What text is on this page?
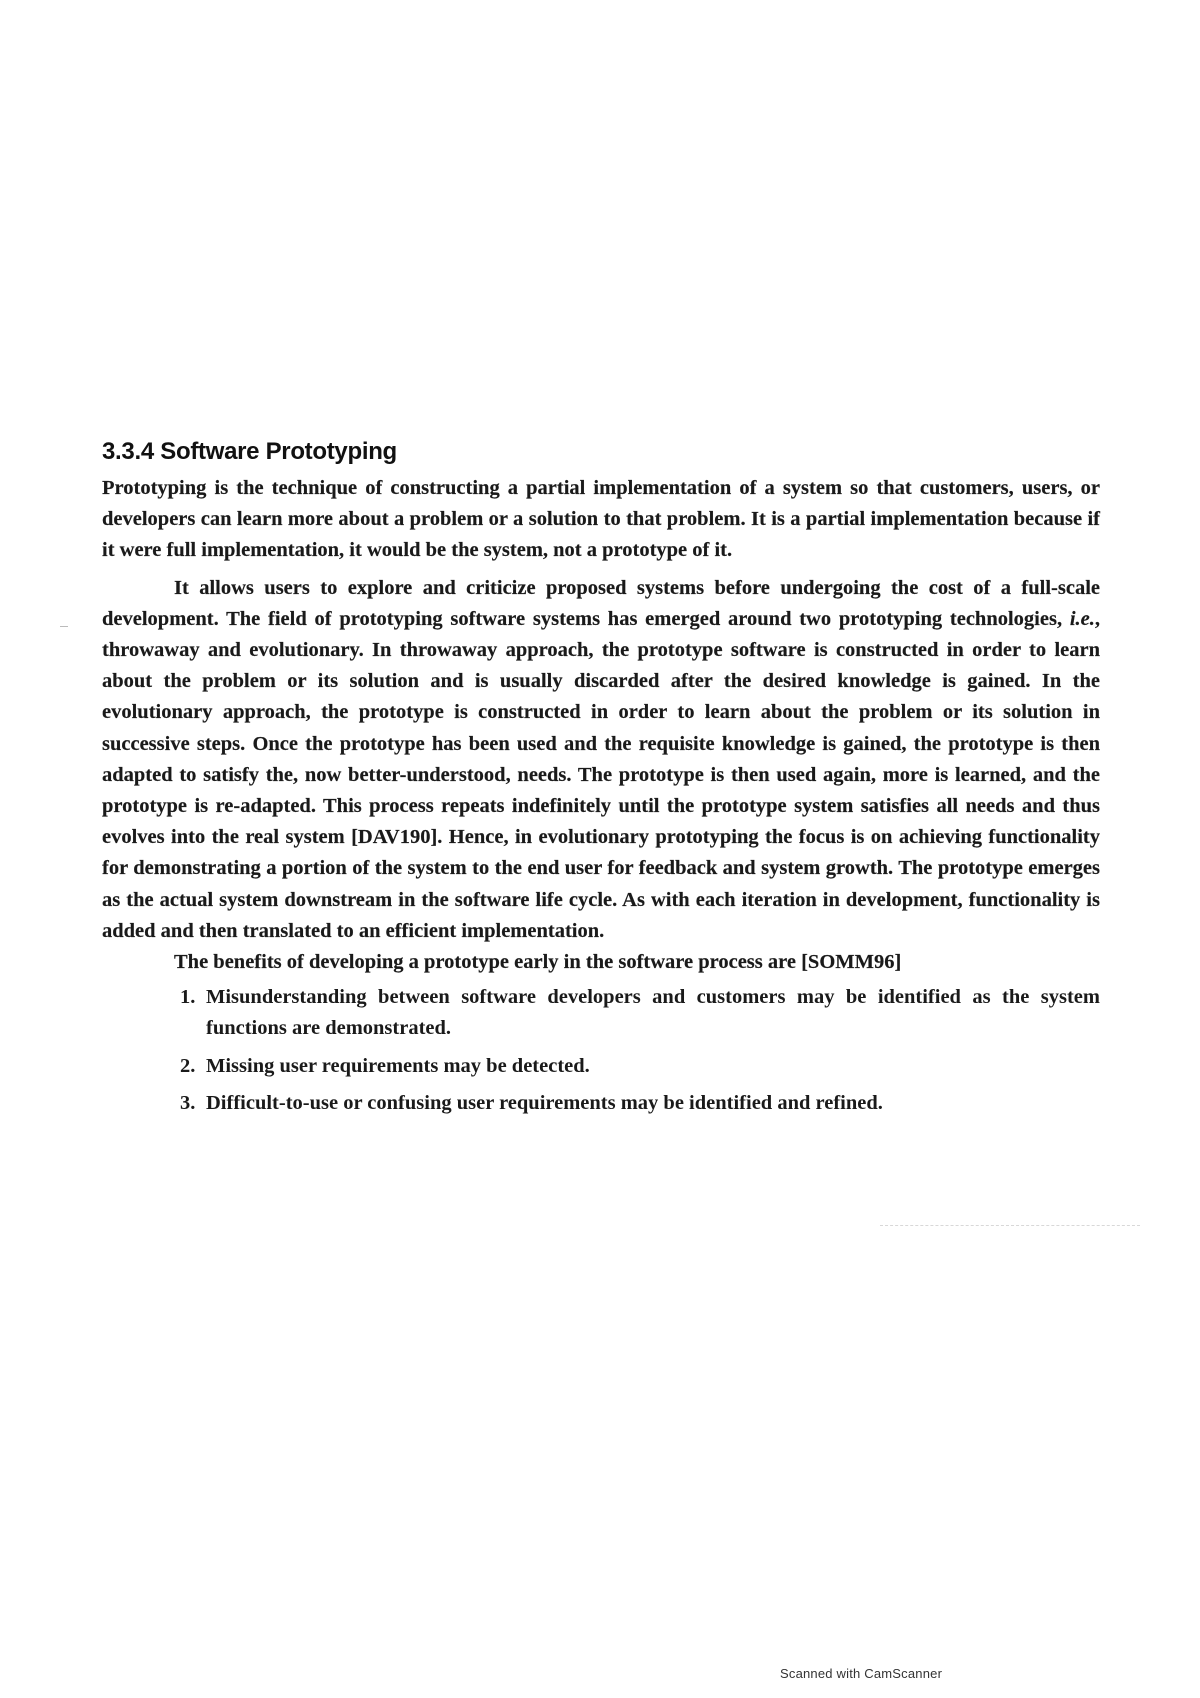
3.3.4 Software Prototyping

Prototyping is the technique of constructing a partial implementation of a system so that customers, users, or developers can learn more about a problem or a solution to that problem. It is a partial implementation because if it were full implementation, it would be the system, not a prototype of it.

It allows users to explore and criticize proposed systems before undergoing the cost of a full-scale development. The field of prototyping software systems has emerged around two prototyping technologies, i.e., throwaway and evolutionary. In throwaway approach, the prototype software is constructed in order to learn about the problem or its solution and is usually discarded after the desired knowledge is gained. In the evolutionary approach, the prototype is constructed in order to learn about the problem or its solution in successive steps. Once the prototype has been used and the requisite knowledge is gained, the prototype is then adapted to satisfy the, now better-understood, needs. The prototype is then used again, more is learned, and the prototype is re-adapted. This process repeats indefinitely until the prototype system satisfies all needs and thus evolves into the real system [DAV190]. Hence, in evolutionary prototyping the focus is on achieving functionality for demonstrating a portion of the system to the end user for feedback and system growth. The prototype emerges as the actual system downstream in the software life cycle. As with each iteration in development, functionality is added and then translated to an efficient implementation.

The benefits of developing a prototype early in the software process are [SOMM96]

1. Misunderstanding between software developers and customers may be identified as the system functions are demonstrated.
2. Missing user requirements may be detected.
3. Difficult-to-use or confusing user requirements may be identified and refined.
Scanned with CamScanner
